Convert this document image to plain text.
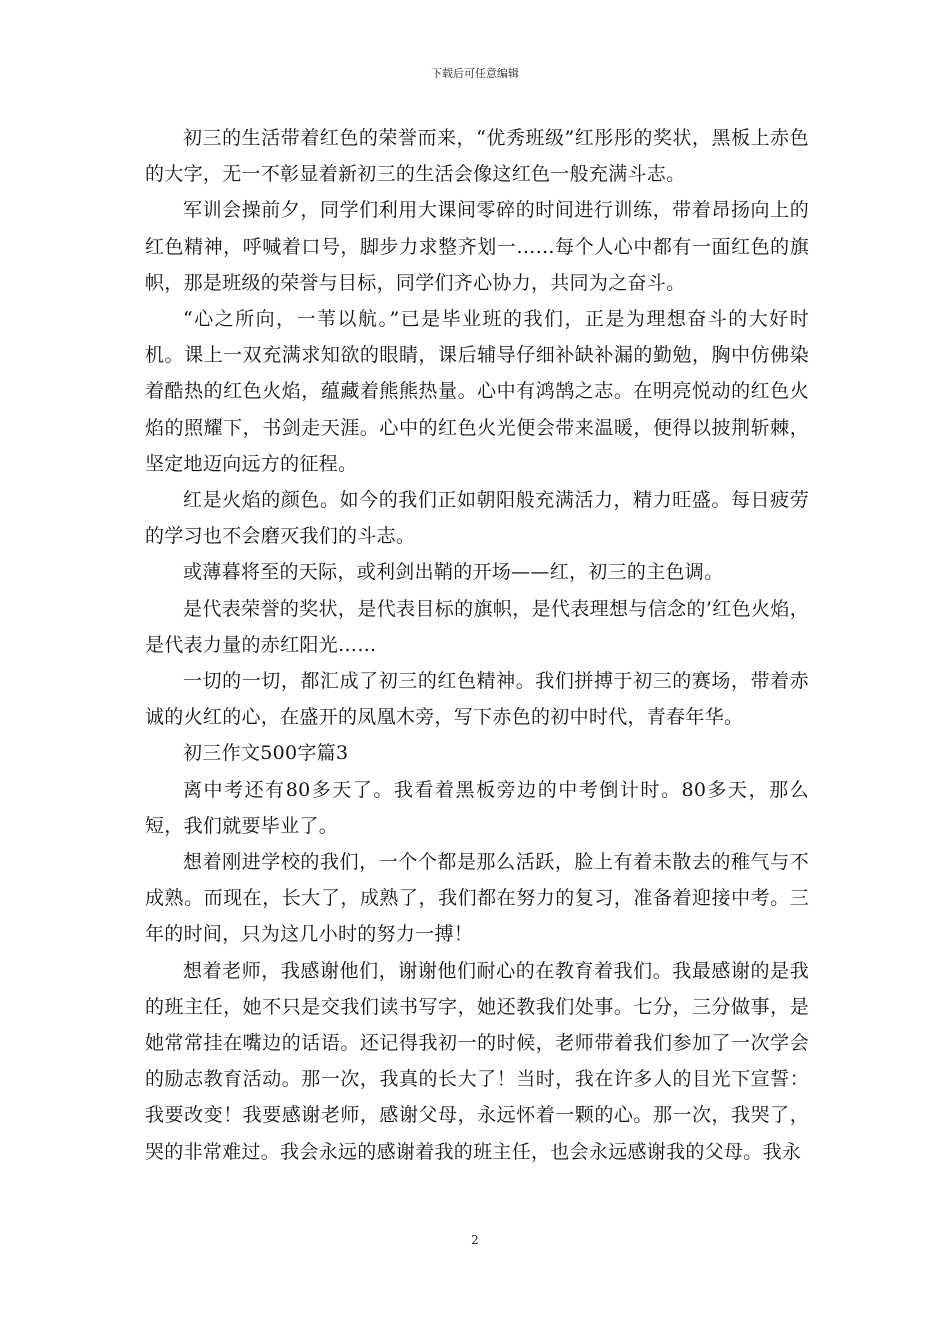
下载后可任意编辑

初三的生活带着红色的荣誉而来，“优秀班级”红彤彤的奖状，黑板上赤色的大字，无一不彰显着新初三的生活会像这红色一般充满斗志。

军训会操前夕，同学们利用大课间零碎的时间进行训练，带着昂扬向上的红色精神，呼喊着口号，脚步力求整齐划一……每个人心中都有一面红色的旗帜，那是班级的荣誉与目标，同学们齐心协力，共同为之奋斗。

“心之所向，一苇以航。”已是毕业班的我们，正是为理想奋斗的大好时机。课上一双充满求知欲的眼睛，课后辅导仔细补缺补漏的勤勉，胸中仿佛染着酷热的红色火焰，蕴藏着熊熊热量。心中有鸿鹄之志。在明亮悦动的红色火焰的照耀下，书剑走天涯。心中的红色火光便会带来温暖，便得以披荆斩棘，坚定地迈向远方的征程。

红是火焰的颜色。如今的我们正如朝阳般充满活力，精力旺盛。每日疲劳的学习也不会磨灭我们的斗志。

或薄暮将至的天际，或利剑出鞘的开场——红，初三的主色调。

是代表荣誉的奖状，是代表目标的旗帜，是代表理想与信念的’红色火焰，是代表力量的赤红阳光……

一切的一切，都汇成了初三的红色精神。我们拼搏于初三的赛场，带着赤诚的火红的心，在盛开的凤凰木旁，写下赤色的初中时代，青春年华。

初三作文500字篇3

离中考还有80多天了。我看着黑板旁边的中考倒计时。80多天，那么短，我们就要毕业了。

想着刚进学校的我们，一个个都是那么活跃，脸上有着未散去的稚气与不成熟。而现在，长大了，成熟了，我们都在努力的复习，准备着迎接中考。三年的时间，只为这几小时的努力一搏！

想着老师，我感谢他们，谢谢他们耐心的在教育着我们。我最感谢的是我的班主任，她不只是交我们读书写字，她还教我们处事。七分，三分做事，是她常常挂在嘴边的话语。还记得我初一的时候，老师带着我们参加了一次学会的励志教育活动。那一次，我真的长大了！当时，我在许多人的目光下宣誓：我要改变！我要感谢老师，感谢父母，永远怀着一颗的心。那一次，我哭了，哭的非常难过。我会永远的感谢着我的班主任，也会永远感谢我的父母。我永

2
